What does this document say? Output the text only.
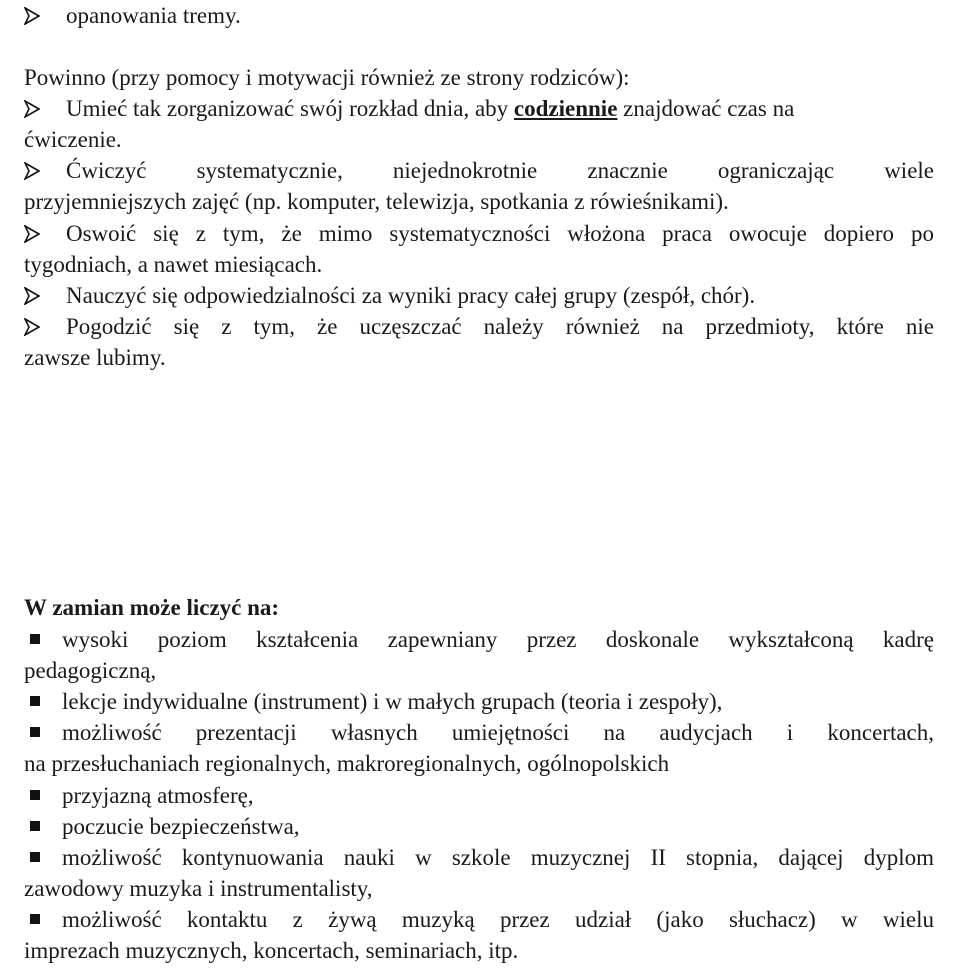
opanowania tremy.
Powinno (przy pomocy i motywacji również ze strony rodziców):
Umieć tak zorganizować swój rozkład dnia, aby codziennie znajdować czas na
ćwiczenie.
Ćwiczyć systematycznie, niejednokrotnie znacznie ograniczając wiele
przyjemniejszych zajęć (np. komputer, telewizja, spotkania z rówieśnikami).
Oswoić się z tym, że mimo systematyczności włożona praca owocuje dopiero po
tygodniach, a nawet miesiącach.
Nauczyć się odpowiedzialności za wyniki pracy całej grupy (zespół, chór).
Pogodzić się z tym, że uczęszczać należy również na przedmioty, które nie
zawsze lubimy.
W zamian może liczyć na:
wysoki poziom kształcenia zapewniany przez doskonale wykształconą kadrę
pedagogiczną,
lekcje indywidualne (instrument) i w małych grupach (teoria i zespoły),
możliwość prezentacji własnych umiejętności na audycjach i koncertach,
na przesłuchaniach regionalnych, makroregionalnych, ogólnopolskich
przyjazną atmosferę,
poczucie bezpieczeństwa,
możliwość kontynuowania nauki w szkole muzycznej II stopnia, dającej dyplom
zawodowy muzyka i instrumentalisty,
możliwość kontaktu z żywą muzyką przez udział (jako słuchacz) w wielu
imprezach muzycznych, koncertach, seminariach, itp.
